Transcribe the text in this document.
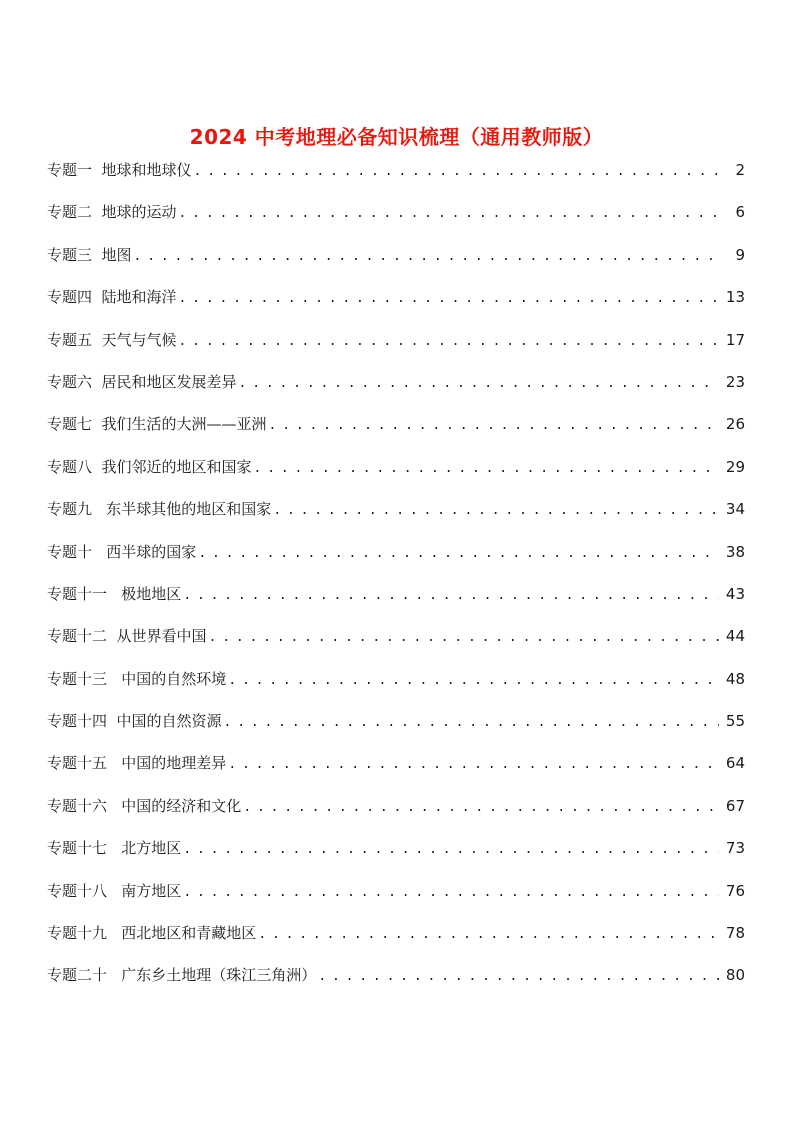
2024 中考地理必备知识梳理（通用教师版）
专题一  地球和地球仪 . . .	2
专题二  地球的运动 . . .	6
专题三  地图 . . .	9
专题四  陆地和海洋 . . .	13
专题五  天气与气候 . . .	17
专题六  居民和地区发展差异 . . .	23
专题七  我们生活的大洲——亚洲 . . .	26
专题八  我们邻近的地区和国家 . . .	29
专题九   东半球其他的地区和国家 . . .	34
专题十   西半球的国家 . . .	38
专题十一   极地地区 . . .	43
专题十二  从世界看中国 . . .	44
专题十三   中国的自然环境 . . .	48
专题十四  中国的自然资源 . . .	55
专题十五   中国的地理差异 . . .	64
专题十六   中国的经济和文化 . . .	67
专题十七   北方地区 . . .	73
专题十八   南方地区 . . .	76
专题十九   西北地区和青藏地区 . . .	78
专题二十   广东乡土地理（珠江三角洲） . . .	80
